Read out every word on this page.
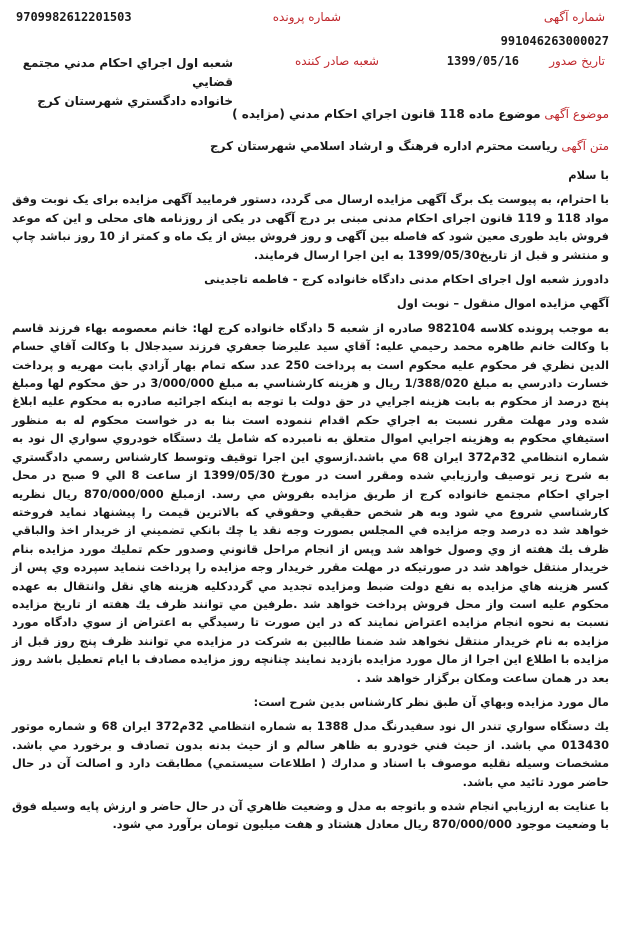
شماره آگهی
شماره پرونده
9709982612201503
991046263000027
تاریخ صدور
1399/05/16
شعبه صادر کننده
شعبه اول اجراي احكام مدني مجتمع قضايي
خانواده دادگستري شهرستان كرج
موضوع آگهی موضوع ماده 118 قانون اجراي احكام مدني (مزايده )
متن آگهی رياست محترم اداره فرهنگ و ارشاد اسلامي شهرستان كرج

با سلام

با احترام، به پیوست یک برگ آگهی مزایده ارسال می گردد، دستور فرمایید آگهی مزایده برای یک نوبت وفق مواد 118 و 119 قانون اجرای احکام مدنی مبنی بر درج آگهی در یکی از روزنامه های محلی و این که موعد فروش باید طوری معین شود که فاصله بین آگهی و روز فروش بیش از یک ماه و کمتر از 10 روز نباشد چاپ و منتشر و قبل از تاریخ1399/05/30 به این اجرا ارسال فرمایند.

دادورز شعبه اول اجرای احکام مدنی دادگاه خانواده کرج - فاطمه تاجدینی

آگهي مزايده اموال منقول – نوبت اول

به موجب پرونده كلاسه 982104 صادره از شعبه 5 دادگاه خانواده كرج لها: خانم معصومه بهاء فرزند قاسم با وكالت خانم طاهره محمد رحيمي عليه: آقاي سيد عليرضا جعفري فرزند سيدجلال با وكالت آقاي حسام الدين نظري فر محكوم عليه محكوم است به پرداخت 250 عدد سكه تمام بهار آزادي بابت مهريه و پرداخت خسارت دادرسي به مبلغ 1/388/020 ريال و هزينه كارشناسي به مبلغ 3/000/000 در حق محكوم لها ومبلغ پنج درصد از محكوم به بابت هزينه اجرايي در حق دولت با توجه به اينكه اجرائيه صادره به محكوم عليه ابلاغ شده ودر مهلت مقرر نسبت به اجراي حكم اقدام ننموده است بنا به در خواست محكوم له به منظور استيفاي محكوم به وهزينه اجرايي اموال متعلق به نامبرده كه شامل يك دستگاه خودروي سواري ال نود به شماره انتظامي 32م372 ايران 68 مي باشد.ازسوي اين اجرا توقيف وتوسط كارشناس رسمي دادگستري به شرح زير توصيف وارزيابي شده ومقرر است در مورخ 1399/05/30 از ساعت 8 الي 9 صبح در محل اجراي احكام مجتمع خانواده كرج از طريق مزايده بفروش مي رسد. ازمبلغ 870/000/000 ريال نظريه كارشناسي شروع مي شود وبه هر شخص حقيقي وحقوقي كه بالاترين قيمت را پيشنهاد نمايد فروخته خواهد شد ده درصد وجه مزايده في المجلس بصورت وجه نقد يا چك بانكي تضميني از خريدار اخذ والباقي ظرف يك هفته از وي وصول خواهد شد وپس از انجام مراحل قانوني وصدور حكم تمليك مورد مزايده بنام خريدار منتقل خواهد شد در صورتيكه در مهلت مقرر خريدار وجه مزايده را پرداخت ننمايد سپرده وي پس از كسر هزينه هاي مزايده به نفع دولت ضبط ومزايده تجديد مي گرددكليه هزينه هاي نقل وانتقال به عهده محكوم عليه است واز محل فروش پرداخت خواهد شد .طرفين مي توانند ظرف يك هفته از تاريخ مزايده نسبت به نحوه انجام مزايده اعتراض نمايند كه در اين صورت تا رسيدگي به اعتراض از سوي دادگاه مورد مزايده به نام خريدار منتقل نخواهد شد ضمنا طالبين به شركت در مزايده مي توانند ظرف پنج روز قبل از مزايده با اطلاع اين اجرا از مال مورد مزايده بازديد نمايند چنانچه روز مزايده مصادف با ايام تعطيل باشد روز بعد در همان ساعت ومكان برگزار خواهد شد .

مال مورد مزايده وبهاي آن طبق نظر كارشناس بدين شرح است:

يك دستگاه سواري تندر ال نود سفيدرنگ مدل 1388 به شماره انتظامي 32م372 ايران 68 و شماره موتور 013430 مي باشد. از حيث فني خودرو به ظاهر سالم و از حيث بدنه بدون تصادف و برخورد مي باشد. مشخصات وسيله نقليه موصوف با اسناد و مدارك ( اطلاعات سيستمي) مطابقت دارد و اصالت آن در حال حاضر مورد تائيد مي باشد.

با عنايت به ارزيابي انجام شده و باتوجه به مدل و وضعيت ظاهري آن در حال حاضر و ارزش پايه وسيله فوق با وضعيت موجود 870/000/000 ريال معادل هشتاد و هفت ميليون تومان برآورد مي شود.
